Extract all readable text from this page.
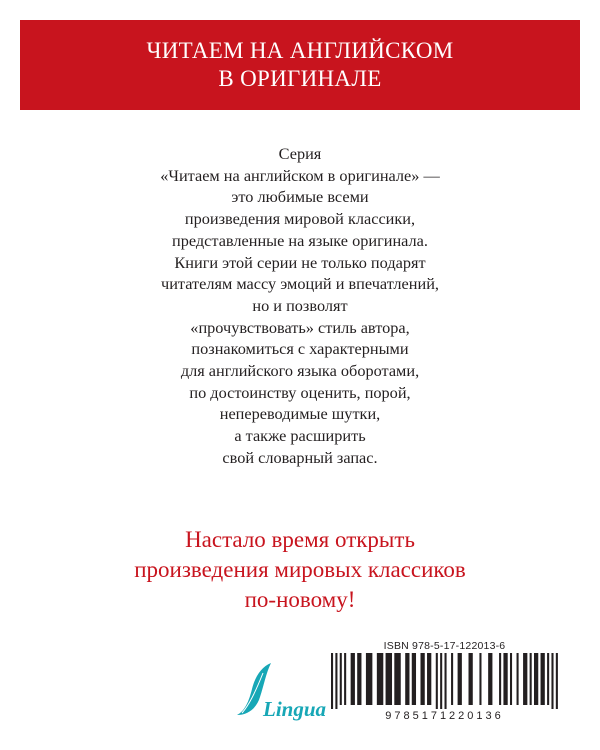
ЧИТАЕМ НА АНГЛИЙСКОМ
В ОРИГИНАЛЕ
Серия
«Читаем на английском в оригинале» —
это любимые всеми
произведения мировой классики,
представленные на языке оригинала.
Книги этой серии не только подарят
читателям массу эмоций и впечатлений,
но и позволят
«прочувствовать» стиль автора,
познакомиться с характерными
для английского языка оборотами,
по достоинству оценить, порой,
непереводимые шутки,
а также расширить
свой словарный запас.
Настало время открыть
произведения мировых классиков
по-новому!
Lingua
ISBN 978-5-17-122013-6
9785171220136
